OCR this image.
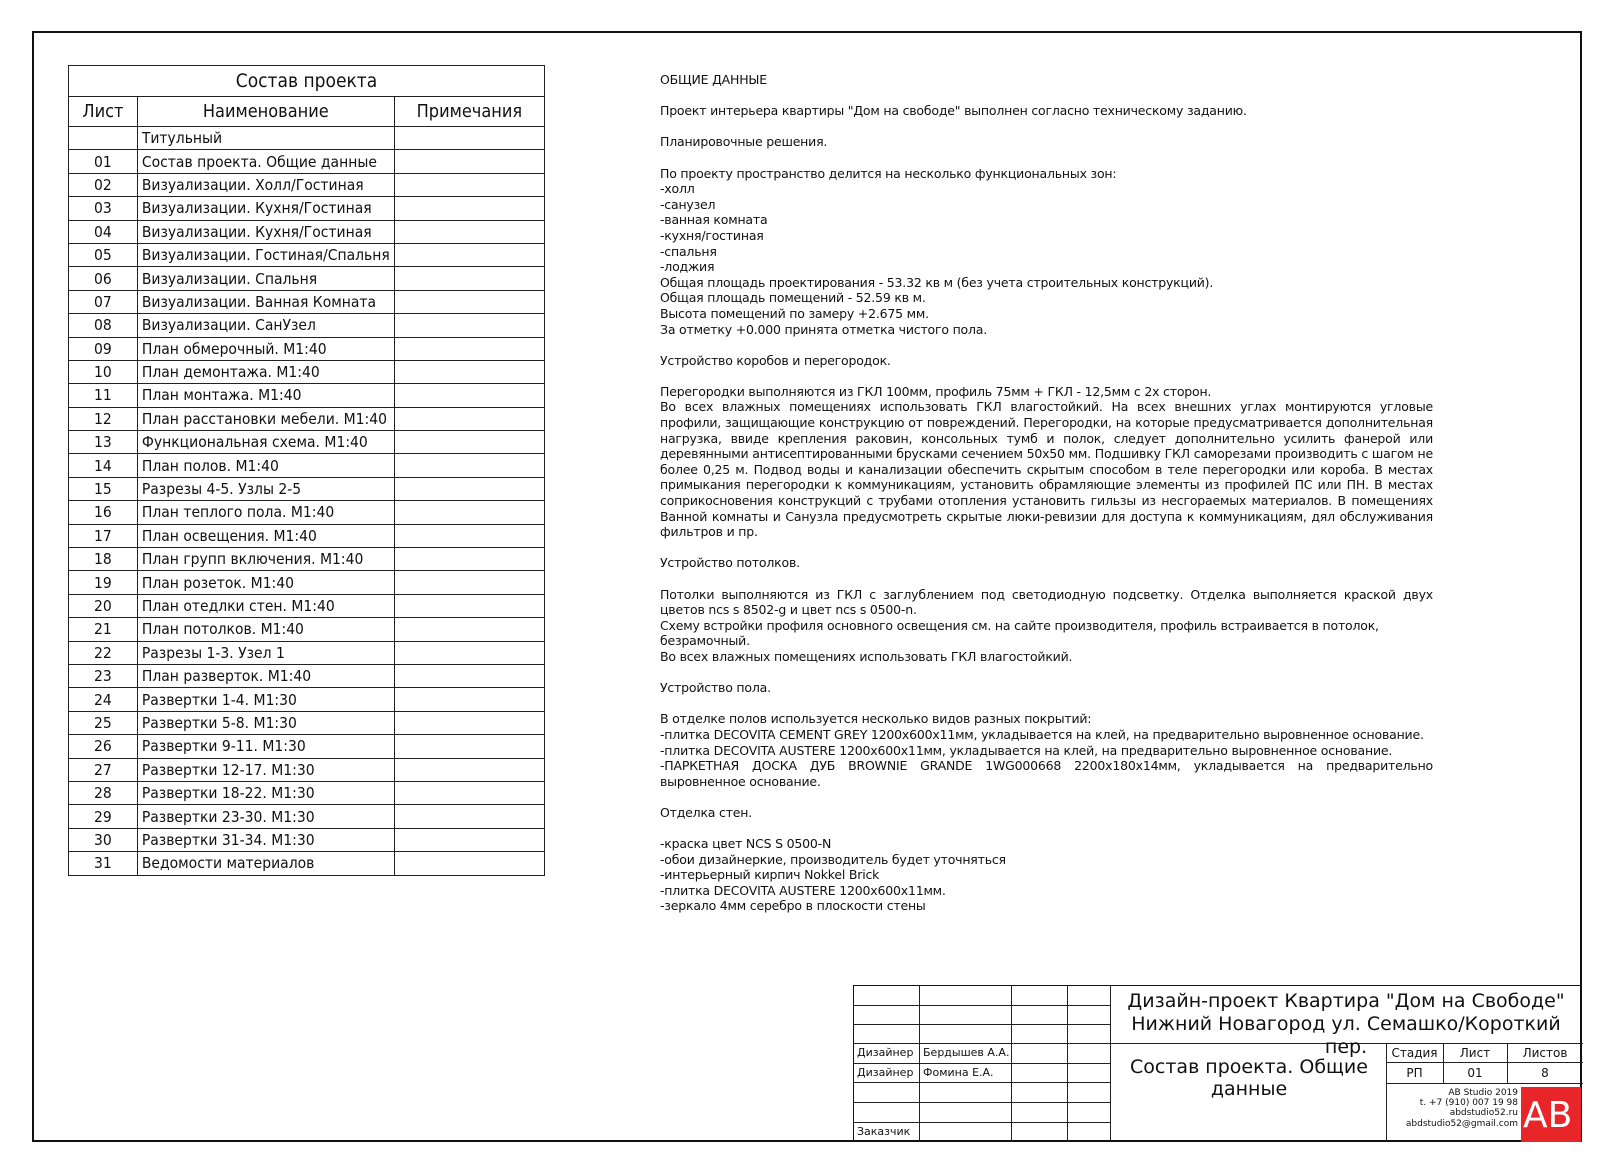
Состав проекта		
Лист	Наименование	Примечания
	Титульный	
01	Состав проекта. Общие данные	
02	Визуализации. Холл/Гостиная	
03	Визуализации. Кухня/Гостиная	
04	Визуализации. Кухня/Гостиная	
05	Визуализации. Гостиная/Спальня	
06	Визуализации. Спальня	
07	Визуализации. Ванная Комната	
08	Визуализации. СанУзел	
09	План обмерочный. М1:40	
10	План демонтажа. М1:40	
11	План монтажа. М1:40	
12	План расстановки мебели. М1:40	
13	Функциональная схема. М1:40	
14	План полов. М1:40	
15	Разрезы 4-5. Узлы 2-5	
16	План теплого пола. М1:40	
17	План освещения. М1:40	
18	План групп включения. М1:40	
19	План розеток. М1:40	
20	План отедлки стен. М1:40	
21	План потолков. М1:40	
22	Разрезы 1-3. Узел 1	
23	План разверток. М1:40	
24	Развертки 1-4. М1:30	
25	Развертки 5-8. М1:30	
26	Развертки 9-11. М1:30	
27	Развертки 12-17. М1:30	
28	Развертки 18-22. М1:30	
29	Развертки 23-30. М1:30	
30	Развертки 31-34. М1:30	
31	Ведомости материалов	
ОБЩИЕ ДАННЫЕ
Проект интерьера квартиры "Дом на свободе" выполнен согласно техническому заданию.
Планировочные решения.
По проекту пространство делится на несколько функциональных зон:
-холл
-санузел
-ванная комната
-кухня/гостиная
-спальня
-лоджия
Общая площадь проектирования - 53.32 кв м (без учета строительных конструкций).
Общая площадь помещений - 52.59 кв м.
Высота помещений по замеру +2.675 мм.
За отметку +0.000 принята отметка чистого пола.
Устройство коробов и перегородок.
Перегородки выполняются из ГКЛ 100мм, профиль 75мм + ГКЛ - 12,5мм с 2х сторон.
Во всех влажных помещениях использовать ГКЛ влагостойкий. На всех внешних углах монтируются угловые профили, защищающие конструкцию от повреждений. Перегородки, на которые предусматривается дополнительная нагрузка, ввиде крепления раковин, консольных тумб и полок, следует дополнительно усилить фанерой или деревянными антисептированными брусками сечением 50х50 мм. Подшивку ГКЛ саморезами производить с шагом не более 0,25 м. Подвод воды и канализации обеспечить скрытым способом в теле перегородки или короба. В местах примыкания перегородки к коммуникациям, установить обрамляющие элементы из профилей ПС или ПН. В местах соприкосновения конструкций с трубами отопления установить гильзы из несгораемых материалов. В помещениях Ванной комнаты и Санузла предусмотреть скрытые люки-ревизии для доступа к коммуникациям, дял обслуживания фильтров и пр.
Устройство потолков.
Потолки выполняются из ГКЛ с заглублением под светодиодную подсветку. Отделка выполняется краской двух цветов ncs s 8502-g и цвет ncs s 0500-n.
Схему встройки профиля основного освещения см. на сайте производителя, профиль встраивается в потолок, безрамочный.
Во всех влажных помещениях использовать ГКЛ влагостойкий.
Устройство пола.
В отделке полов используется несколько видов разных покрытий:
-плитка DECOVITA CEMENT GREY 1200х600х11мм, укладывается на клей, на предварительно выровненное основание.
-плитка DECOVITA AUSTERE 1200х600х11мм, укладывается на клей, на предварительно выровненное основание.
-ПАРКЕТНАЯ ДОСКА ДУБ BROWNIE GRANDE 1WG000668 2200х180х14мм, укладывается на предварительно выровненное основание.
Отделка стен.
-краска цвет NCS S 0500-N
-обои дизайнеркие, производитель будет уточняться
-интерьерный кирпич Nokkel Brick
-плитка DECOVITA AUSTERE 1200х600х11мм.
-зеркало 4мм серебро в плоскости стены
Дизайнер Бердышев А.А.
Дизайнер Фомина Е.А.
Заказчик
Дизайн-проект Квартира "Дом на Свободе" Нижний Новагород ул. Семашко/Короткий пер.
Состав проекта. Общие данные
Стадия	Лист	Листов
РП	01	8
AB Studio 2019
t. +7 (910) 007 19 98
abdstudio52.ru
abdstudio52@gmail.com AB
